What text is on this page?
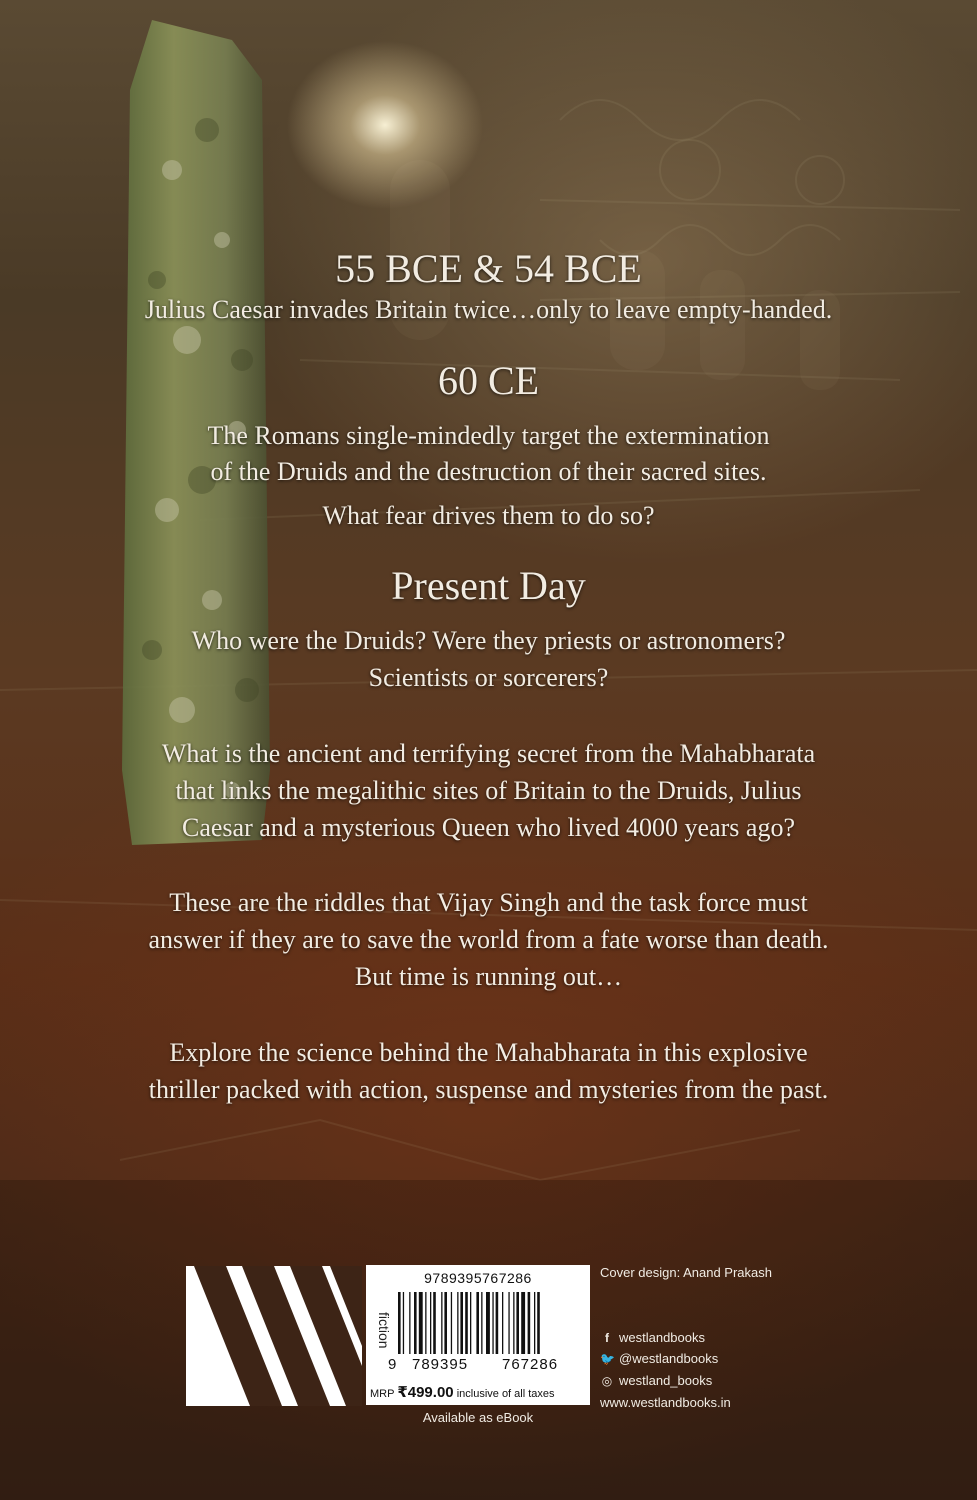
55 BCE & 54 BCE
Julius Caesar invades Britain twice…only to leave empty-handed.
60 CE
The Romans single-mindedly target the extermination
of the Druids and the destruction of their sacred sites.
What fear drives them to do so?
Present Day
Who were the Druids? Were they priests or astronomers?
Scientists or sorcerers?
What is the ancient and terrifying secret from the Mahabharata
that links the megalithic sites of Britain to the Druids, Julius
Caesar and a mysterious Queen who lived 4000 years ago?
These are the riddles that Vijay Singh and the task force must
answer if they are to save the world from a fate worse than death.
But time is running out…
Explore the science behind the Mahabharata in this explosive
thriller packed with action, suspense and mysteries from the past.
9789395767286
fiction
9 789395 767286
MRP ₹499.00 inclusive of all taxes
Available as eBook
Cover design: Anand Prakash
f westlandbooks
🐦 @westlandbooks
◎ westland_books
www.westlandbooks.in
